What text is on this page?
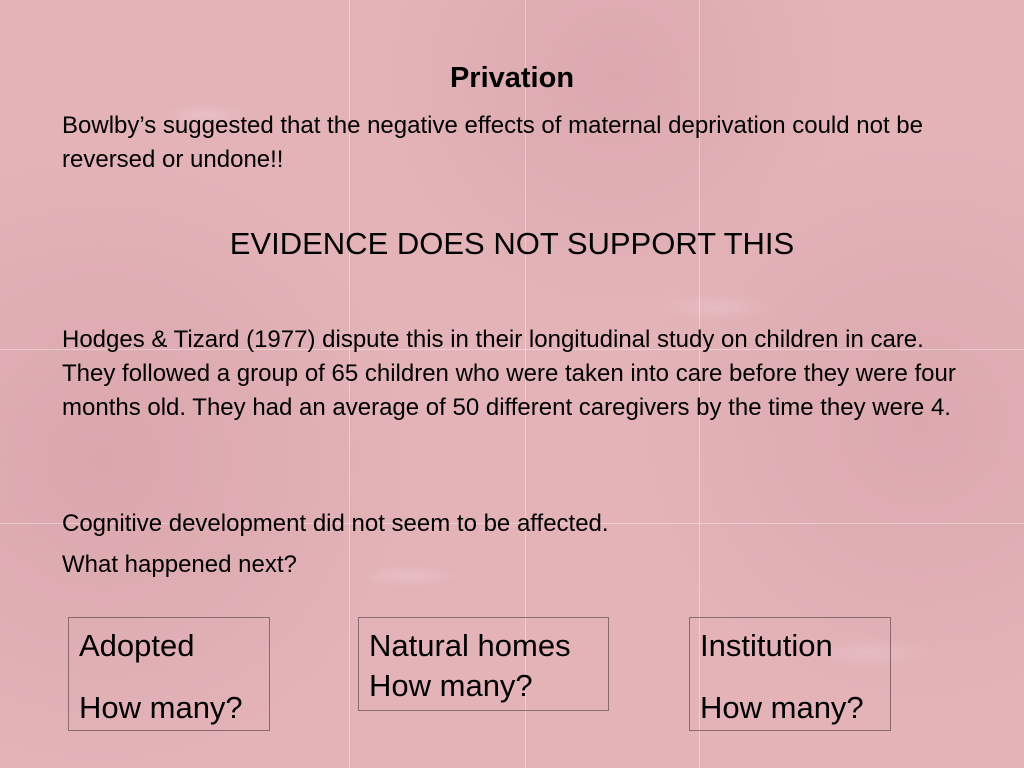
Privation
Bowlby’s suggested that the negative effects of maternal deprivation could not be reversed or undone!!
EVIDENCE DOES NOT SUPPORT THIS
Hodges & Tizard (1977) dispute this in their longitudinal study on children in care. They followed a group of 65 children who were taken into care before they were four months old. They had an average of 50 different caregivers by the time they were 4.
Cognitive development did not seem to be affected.
What happened next?
Adopted
How many?
Natural homes
How many?
Institution
How many?
